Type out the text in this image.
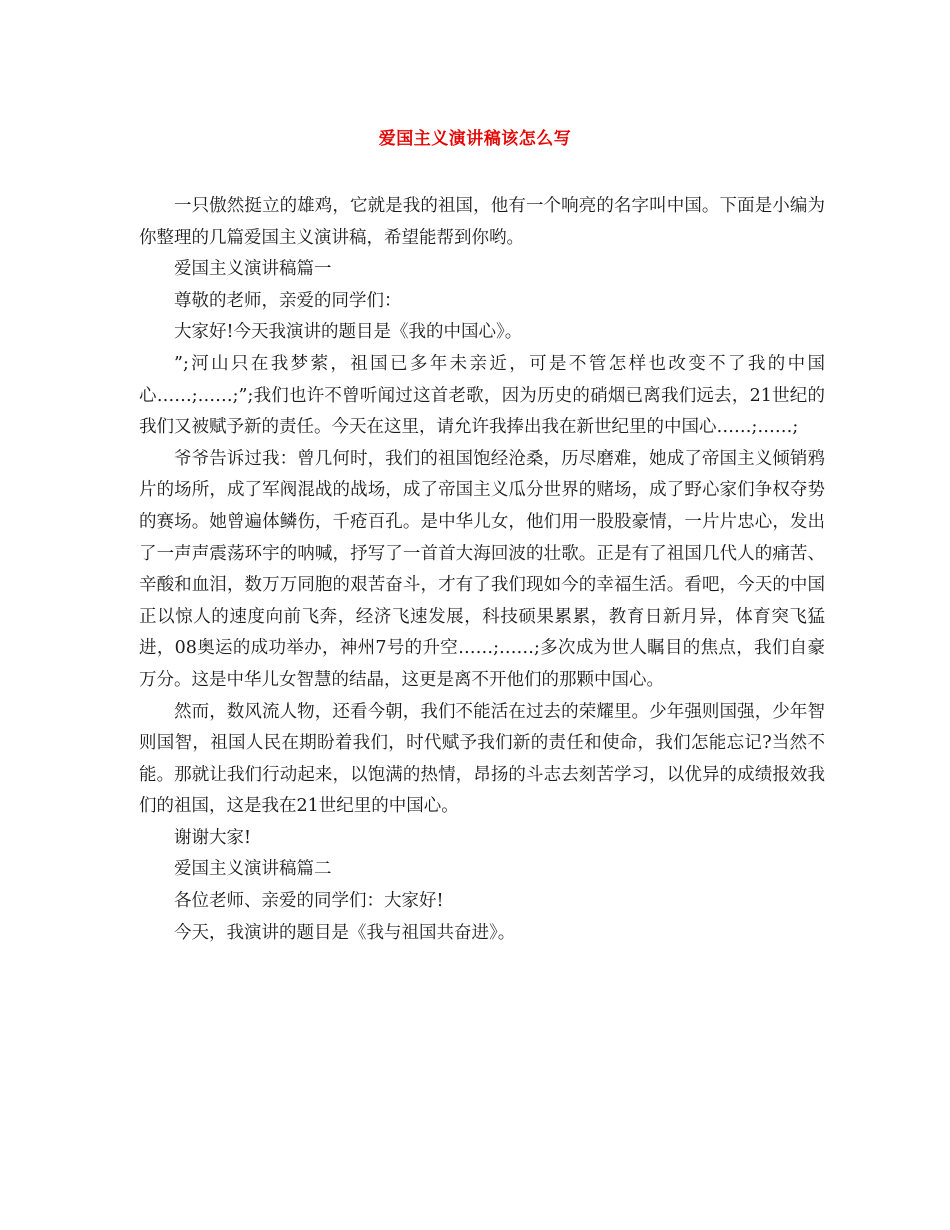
爱国主义演讲稿该怎么写

一只傲然挺立的雄鸡，它就是我的祖国，他有一个响亮的名字叫中国。下面是小编为你整理的几篇爱国主义演讲稿，希望能帮到你哟。

爱国主义演讲稿篇一

尊敬的老师，亲爱的同学们：

大家好!今天我演讲的题目是《我的中国心》。

”;河山只在我梦萦，祖国已多年未亲近，可是不管怎样也改变不了我的中国心……;……;”;我们也许不曾听闻过这首老歌，因为历史的硝烟已离我们远去，21世纪的我们又被赋予新的责任。今天在这里，请允许我捧出我在新世纪里的中国心……;……;

爷爷告诉过我：曾几何时，我们的祖国饱经沧桑，历尽磨难，她成了帝国主义倾销鸦片的场所，成了军阀混战的战场，成了帝国主义瓜分世界的赌场，成了野心家们争权夺势的赛场。她曾遍体鳞伤，千疮百孔。是中华儿女，他们用一股股豪情，一片片忠心，发出了一声声震荡环宇的呐喊，抒写了一首首大海回波的壮歌。正是有了祖国几代人的痛苦、辛酸和血泪，数万万同胞的艰苦奋斗，才有了我们现如今的幸福生活。看吧，今天的中国正以惊人的速度向前飞奔，经济飞速发展，科技硕果累累，教育日新月异，体育突飞猛进，08奥运的成功举办，神州7号的升空……;……;多次成为世人瞩目的焦点，我们自豪万分。这是中华儿女智慧的结晶，这更是离不开他们的那颗中国心。

然而，数风流人物，还看今朝，我们不能活在过去的荣耀里。少年强则国强，少年智则国智，祖国人民在期盼着我们，时代赋予我们新的责任和使命，我们怎能忘记?当然不能。那就让我们行动起来，以饱满的热情，昂扬的斗志去刻苦学习，以优异的成绩报效我们的祖国，这是我在21世纪里的中国心。

谢谢大家!

爱国主义演讲稿篇二

各位老师、亲爱的同学们：大家好!

今天，我演讲的题目是《我与祖国共奋进》。
